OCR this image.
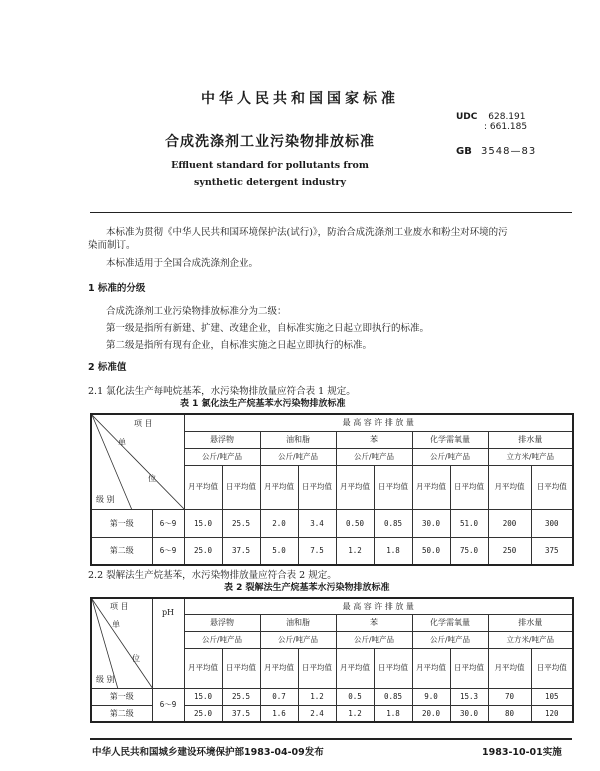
中华人民共和国国家标准
UDC 628.191
: 661.185
合成洗涤剂工业污染物排放标准
GB 3548—83
Effluent standard for pollutants from
synthetic detergent industry
本标准为贯彻《中华人民共和国环境保护法(试行)》，防治合成洗涤剂工业废水和粉尘对环境的污
染而制订。
本标准适用于全国合成洗涤剂企业。
1 标准的分级
合成洗涤剂工业污染物排放标准分为二级：
第一级是指所有新建、扩建、改建企业，自标准实施之日起立即执行的标准。
第二级是指所有现有企业，自标准实施之日起立即执行的标准。
2 标准值
2.1 氯化法生产每吨烷基苯，水污染物排放量应符合表 1 规定。
表 1 氯化法生产烷基苯水污染物排放标准
项 目
单
位
级 别		最 高 容 许 排 放 量									
		悬浮物		油和脂		苯		化学需氧量		排水量	
		公斤/吨产品		公斤/吨产品		公斤/吨产品		公斤/吨产品		立方米/吨产品	
		月平均值	日平均值	月平均值	日平均值	月平均值	日平均值	月平均值	日平均值	月平均值	日平均值
第一级	6～9	15.0	25.5	2.0	3.4	0.50	0.85	30.0	51.0	200	300
第二级	6～9	25.0	37.5	5.0	7.5	1.2	1.8	50.0	75.0	250	375
2.2 裂解法生产烷基苯，水污染物排放量应符合表 2 规定。
表 2 裂解法生产烷基苯水污染物排放标准
项 目
单
位
级 别	pH	最 高 容 许 排 放 量									
		悬浮物		油和脂		苯		化学需氧量		排水量	
		公斤/吨产品		公斤/吨产品		公斤/吨产品		公斤/吨产品		立方米/吨产品	
		月平均值	日平均值	月平均值	日平均值	月平均值	日平均值	月平均值	日平均值	月平均值	日平均值
第一级	6～9	15.0	25.5	0.7	1.2	0.5	0.85	9.0	15.3	70	105
第二级		25.0	37.5	1.6	2.4	1.2	1.8	20.0	30.0	80	120
中华人民共和国城乡建设环境保护部1983-04-09发布	1983-10-01实施
